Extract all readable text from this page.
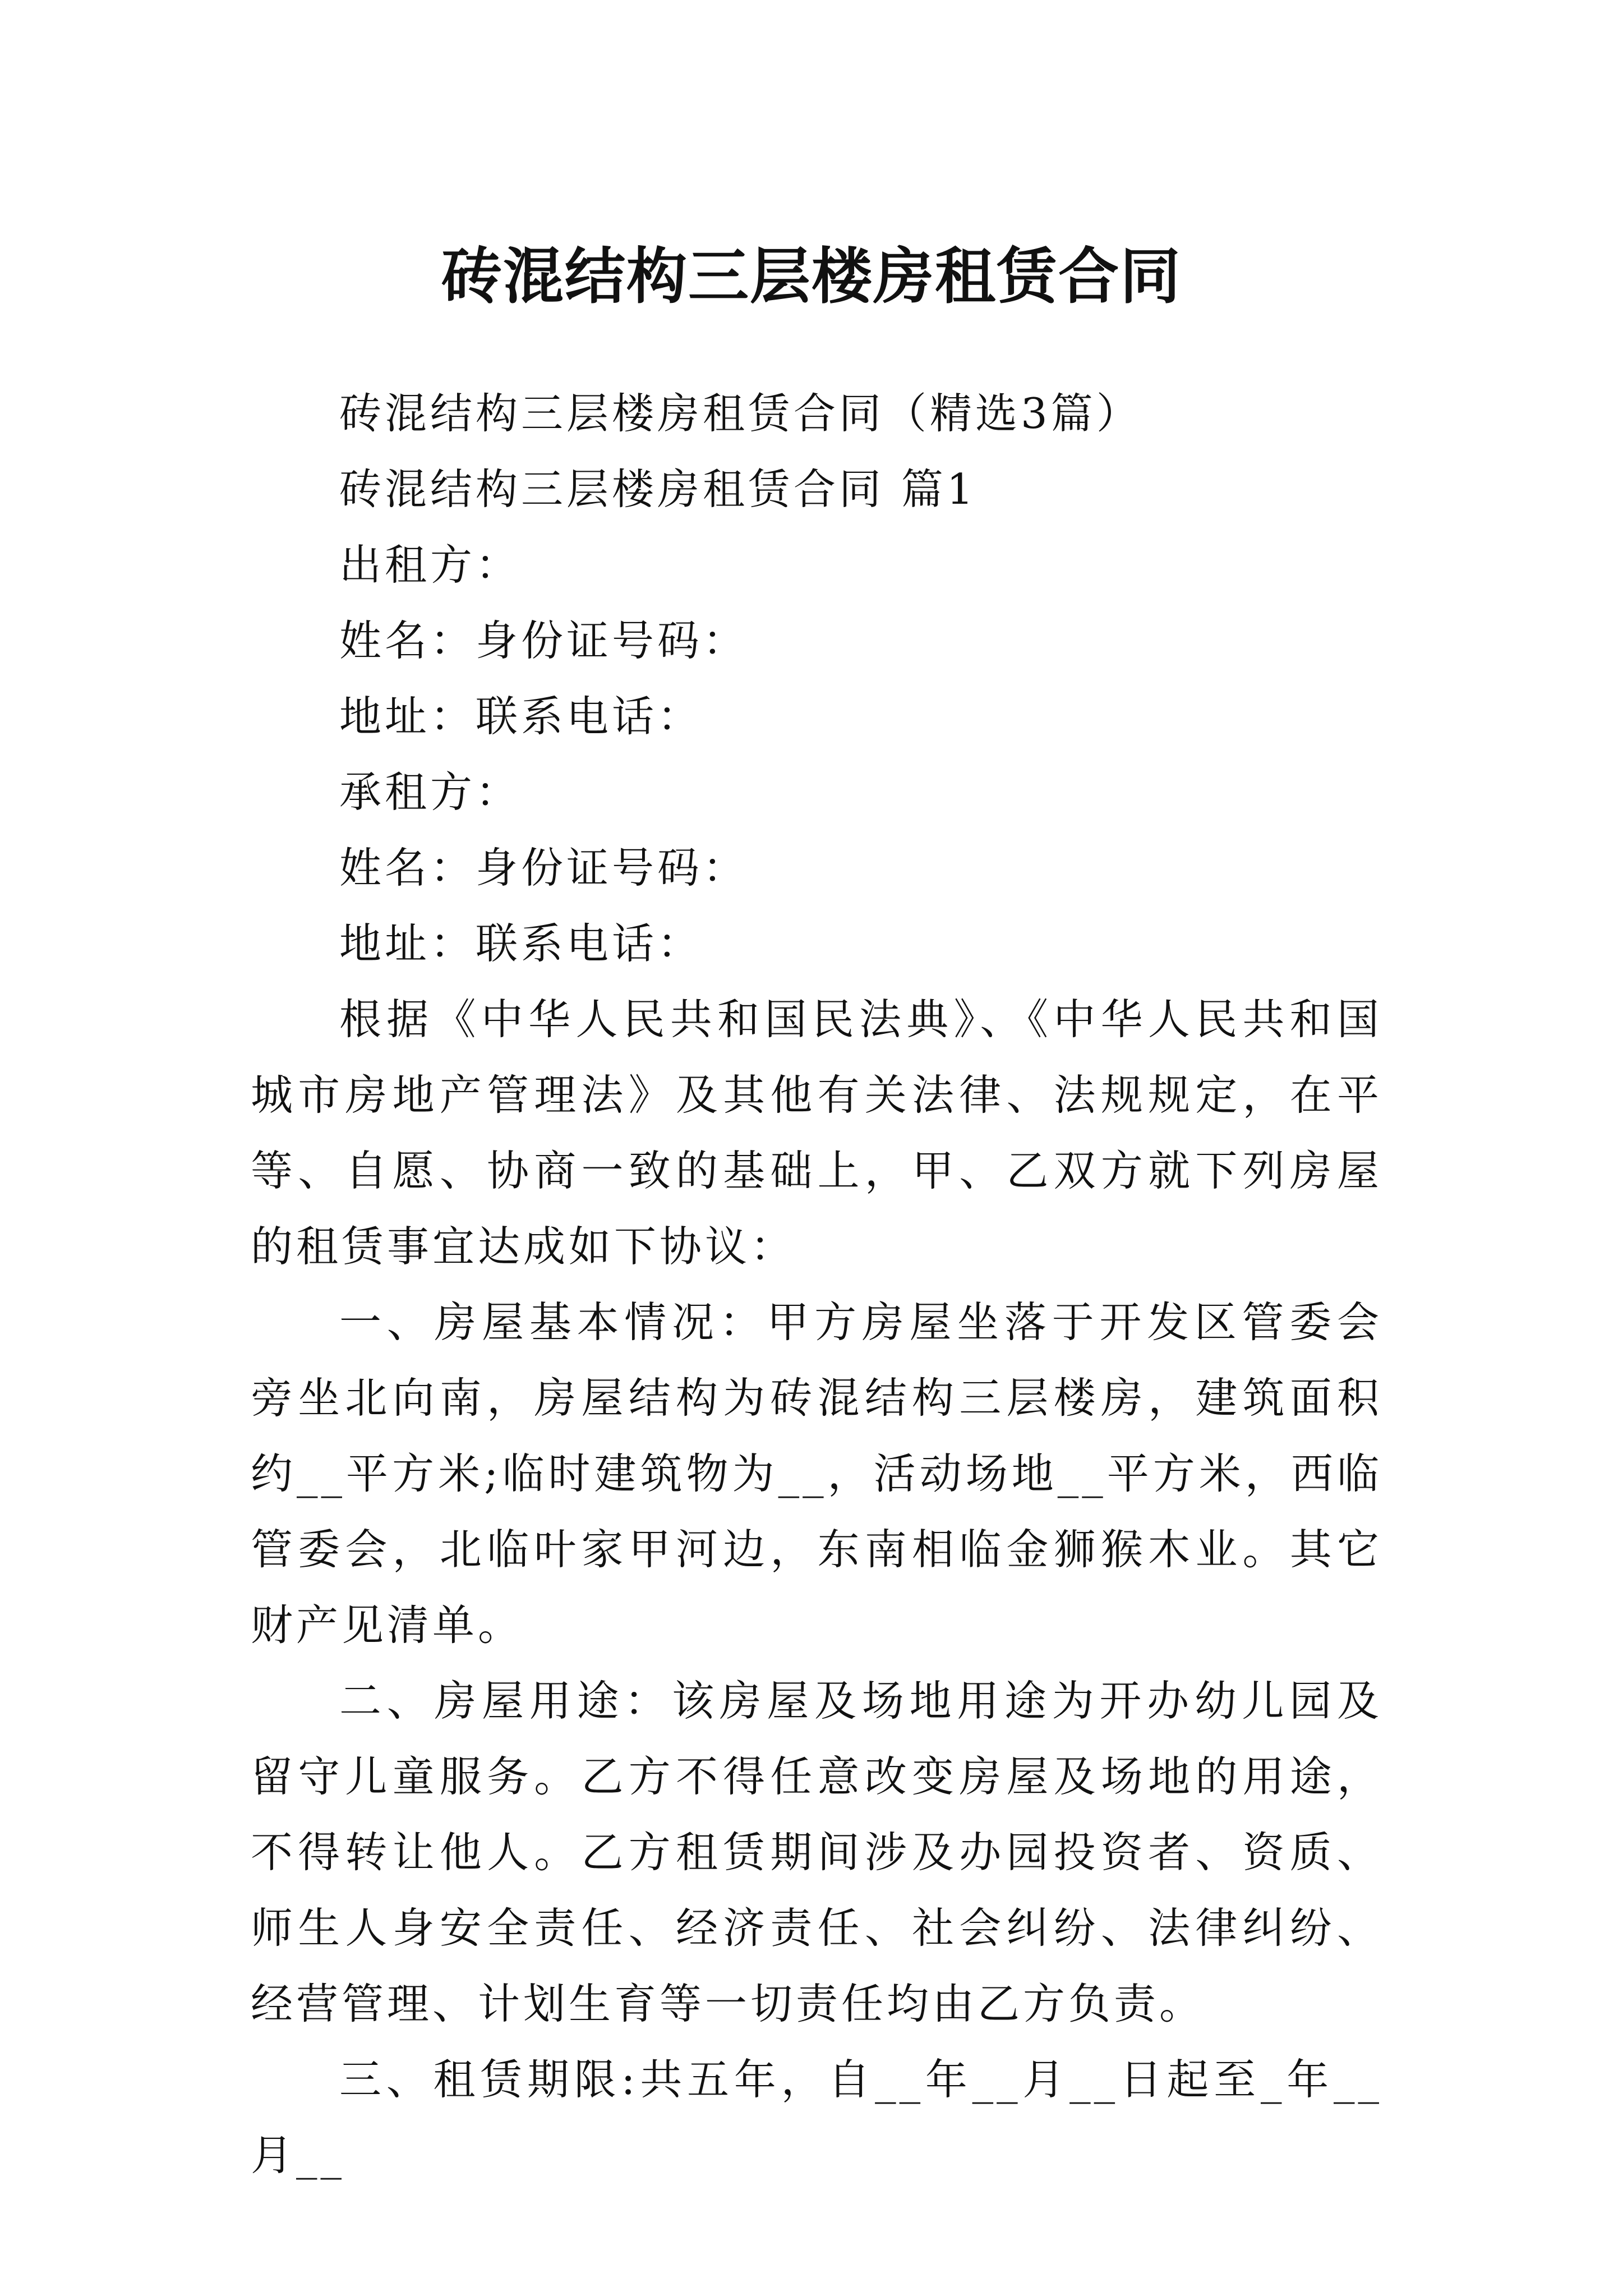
砖混结构三层楼房租赁合同

砖混结构三层楼房租赁合同（精选3篇）

砖混结构三层楼房租赁合同 篇1

出租方：

姓名：身份证号码：

地址：联系电话：

承租方：

姓名：身份证号码：

地址：联系电话：

根据《中华人民共和国民法典》、《中华人民共和国城市房地产管理法》及其他有关法律、法规规定，在平等、自愿、协商一致的基础上，甲、乙双方就下列房屋的租赁事宜达成如下协议：

一、房屋基本情况：甲方房屋坐落于开发区管委会旁坐北向南，房屋结构为砖混结构三层楼房，建筑面积约__平方米;临时建筑物为__，活动场地__平方米，西临管委会，北临叶家甲河边，东南相临金狮猴木业。其它财产见清单。

二、房屋用途：该房屋及场地用途为开办幼儿园及留守儿童服务。乙方不得任意改变房屋及场地的用途，不得转让他人。乙方租赁期间涉及办园投资者、资质、师生人身安全责任、经济责任、社会纠纷、法律纠纷、经营管理、计划生育等一切责任均由乙方负责。

三、租赁期限:共五年，自__年__月__日起至_年__月__
